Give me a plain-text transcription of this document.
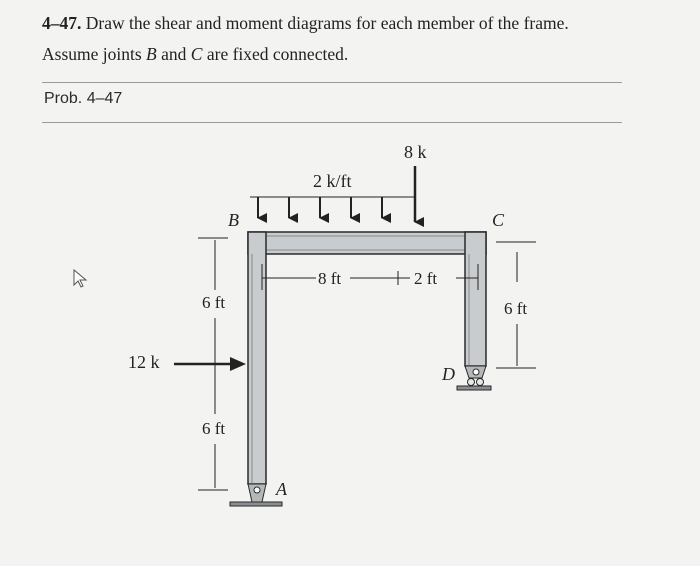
4–47. Draw the shear and moment diagrams for each member of the frame.
Assume joints B and C are fixed connected.
Prob. 4–47
2 k/ft
8 k
B	C
A
D
8 ft	2 ft
6 ft
6 ft
12 k
6 ft
